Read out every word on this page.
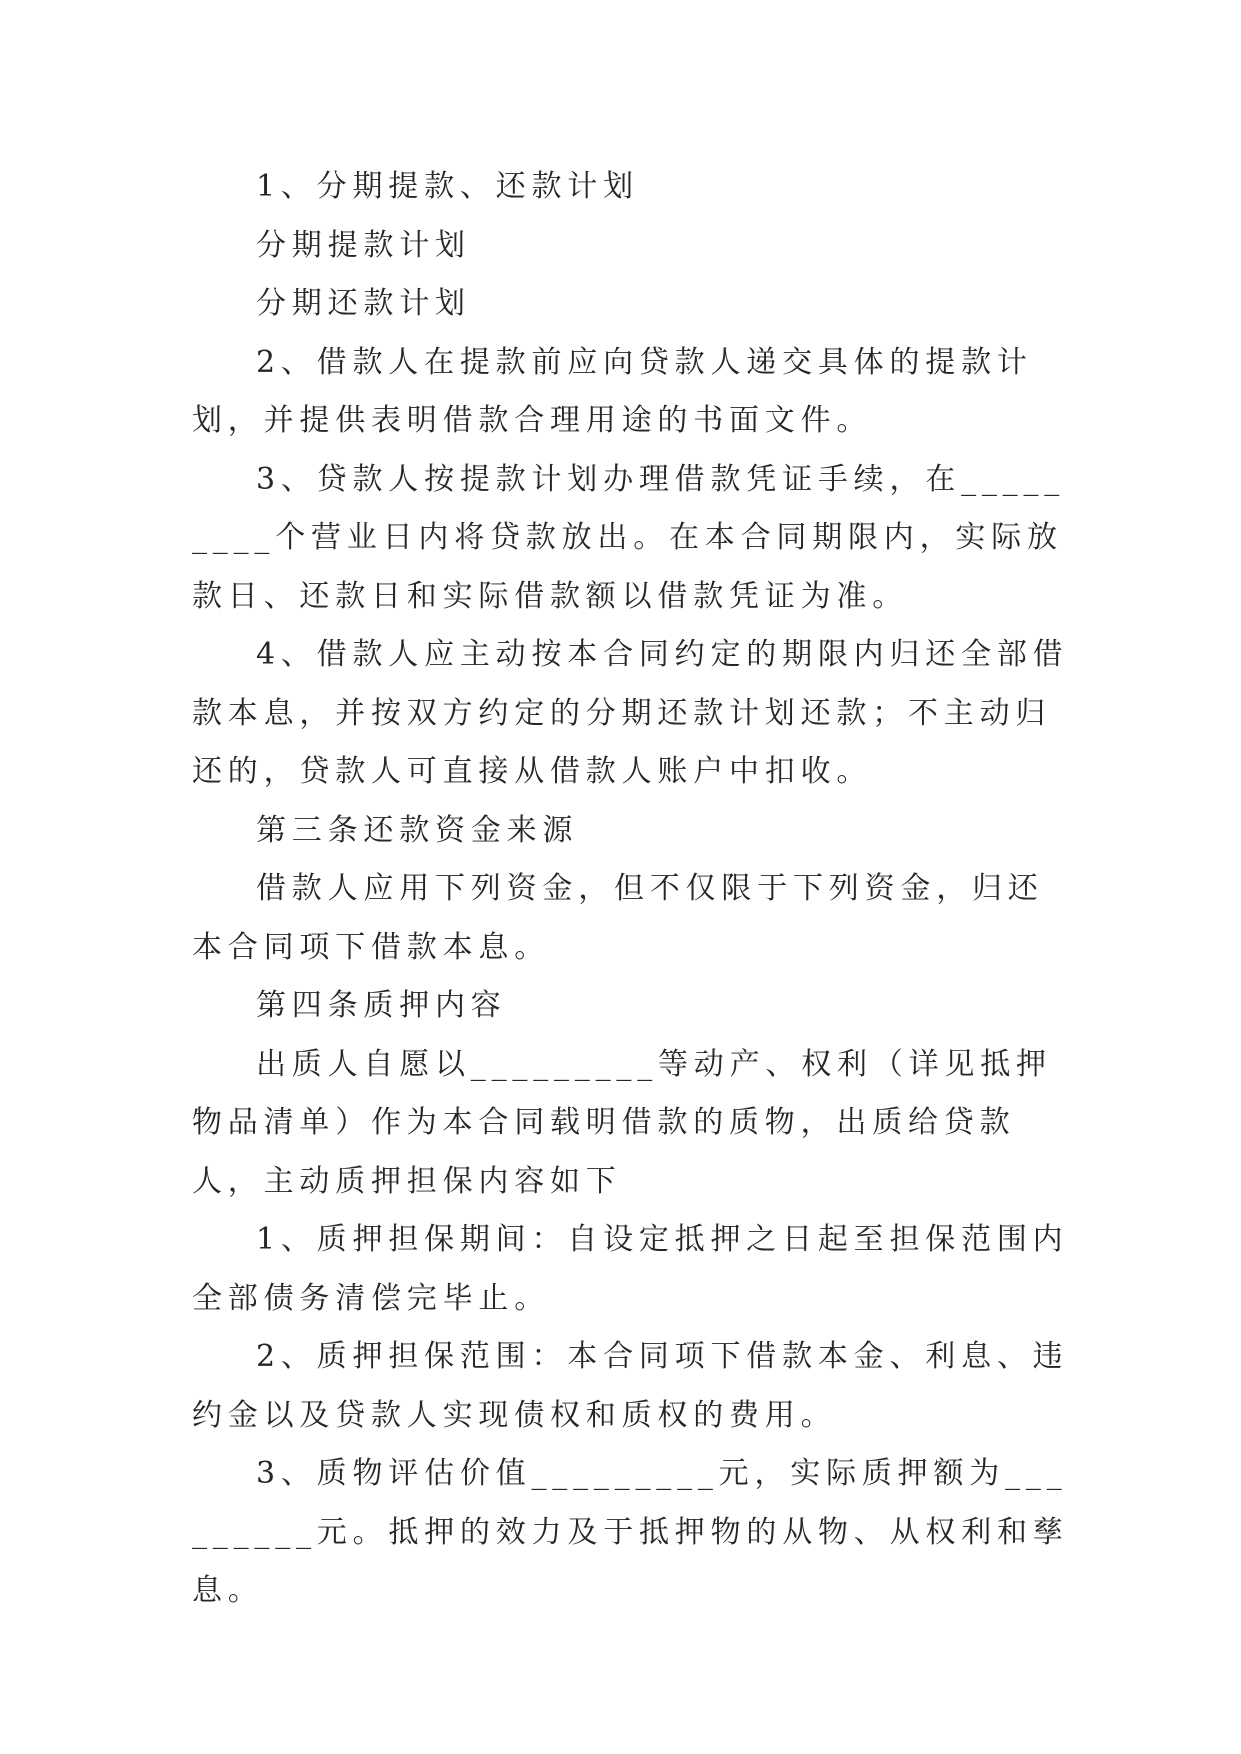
1、分期提款、还款计划

分期提款计划

分期还款计划

2、借款人在提款前应向贷款人递交具体的提款计划，并提供表明借款合理用途的书面文件。

3、贷款人按提款计划办理借款凭证手续，在_________个营业日内将贷款放出。在本合同期限内，实际放款日、还款日和实际借款额以借款凭证为准。

4、借款人应主动按本合同约定的期限内归还全部借款本息，并按双方约定的分期还款计划还款；不主动归还的，贷款人可直接从借款人账户中扣收。

第三条还款资金来源

借款人应用下列资金，但不仅限于下列资金，归还本合同项下借款本息。

第四条质押内容

出质人自愿以_________等动产、权利（详见抵押物品清单）作为本合同载明借款的质物，出质给贷款人，主动质押担保内容如下

1、质押担保期间：自设定抵押之日起至担保范围内全部债务清偿完毕止。

2、质押担保范围：本合同项下借款本金、利息、违约金以及贷款人实现债权和质权的费用。

3、质物评估价值_________元，实际质押额为_________元。抵押的效力及于抵押物的从物、从权利和孳息。
